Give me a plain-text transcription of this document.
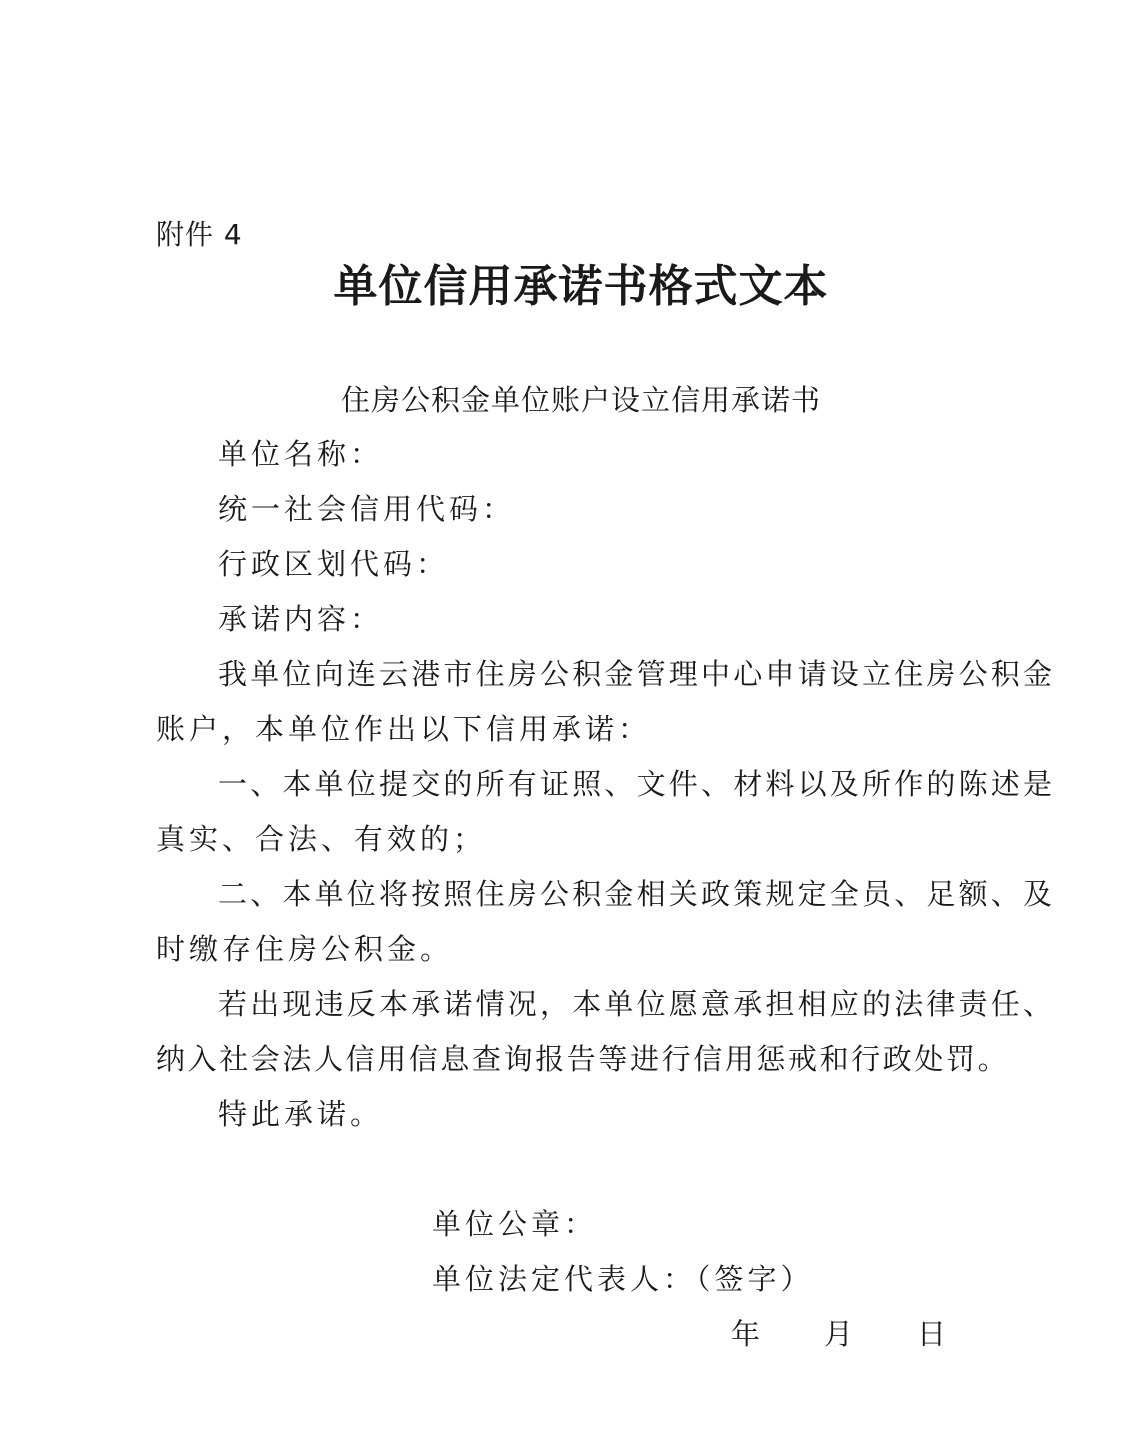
附件 4
单位信用承诺书格式文本
住房公积金单位账户设立信用承诺书
单位名称：
统一社会信用代码：
行政区划代码：
承诺内容：
我单位向连云港市住房公积金管理中心申请设立住房公积金
账户，本单位作出以下信用承诺：
一、本单位提交的所有证照、文件、材料以及所作的陈述是
真实、合法、有效的；
二、本单位将按照住房公积金相关政策规定全员、足额、及
时缴存住房公积金。
若出现违反本承诺情况，本单位愿意承担相应的法律责任、
纳入社会法人信用信息查询报告等进行信用惩戒和行政处罚。
特此承诺。
单位公章：
单位法定代表人：（签字）
年 月 日
